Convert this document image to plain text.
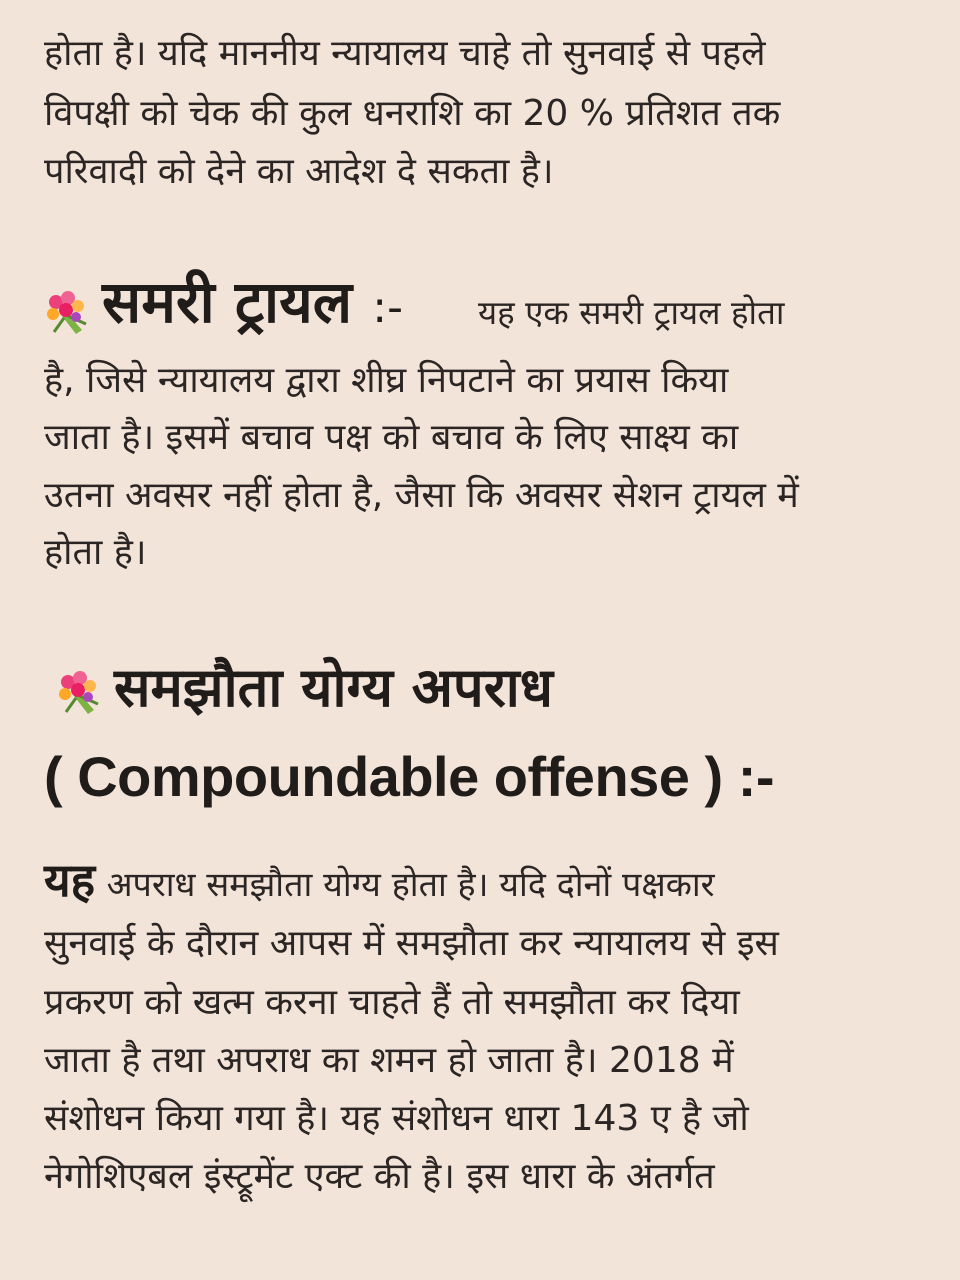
होता है। यदि माननीय न्यायालय चाहे तो सुनवाई से पहले
विपक्षी को चेक की कुल धनराशि का 20 % प्रतिशत तक
परिवादी को देने का आदेश दे सकता है।
समरी ट्रायल :- यह एक समरी ट्रायल होता
है, जिसे न्यायालय द्वारा शीघ्र निपटाने का प्रयास किया
जाता है। इसमें बचाव पक्ष को बचाव के लिए साक्ष्य का
उतना अवसर नहीं होता है, जैसा कि अवसर सेशन ट्रायल में
होता है।
समझौता योग्य अपराध
( Compoundable offense ) :-
यह अपराध समझौता योग्य होता है। यदि दोनों पक्षकार
सुनवाई के दौरान आपस में समझौता कर न्यायालय से इस
प्रकरण को खत्म करना चाहते हैं तो समझौता कर दिया
जाता है तथा अपराध का शमन हो जाता है। 2018 में
संशोधन किया गया है। यह संशोधन धारा 143 ए है जो
नेगोशिएबल इंस्ट्रूमेंट एक्ट की है। इस धारा के अंतर्गत
